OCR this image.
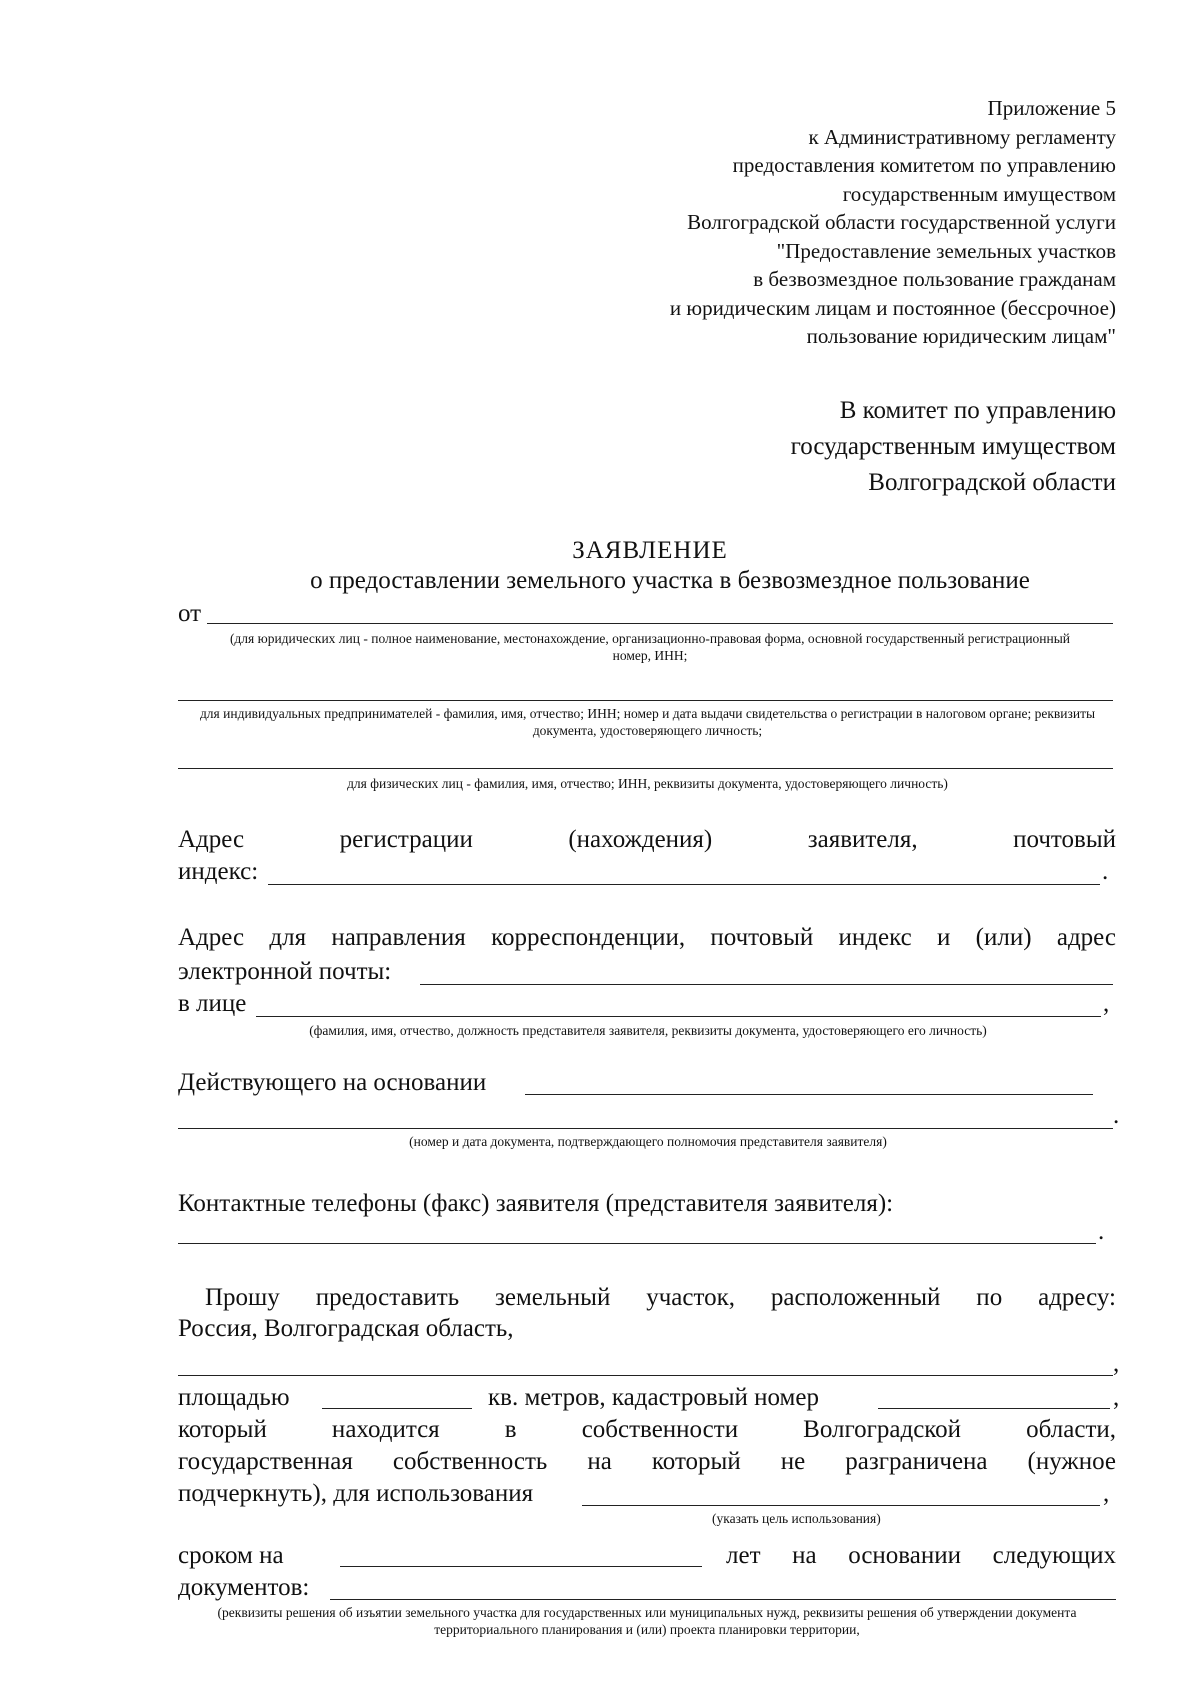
Приложение 5
к Административному регламенту
предоставления комитетом по управлению
государственным имуществом
Волгоградской области государственной услуги
"Предоставление земельных участков
в безвозмездное пользование гражданам
и юридическим лицам и постоянное (бессрочное)
пользование юридическим лицам"
В комитет по управлению
государственным имуществом
Волгоградской области
ЗАЯВЛЕНИЕ
о предоставлении земельного участка в безвозмездное пользование
от
(для юридических лиц - полное наименование, местонахождение, организационно-правовая форма, основной государственный регистрационный номер, ИНН;
для индивидуальных предпринимателей - фамилия, имя, отчество; ИНН; номер и дата выдачи свидетельства о регистрации в налоговом органе; реквизиты документа, удостоверяющего личность;
для физических лиц - фамилия, имя, отчество; ИНН, реквизиты документа, удостоверяющего личность)
Адрес регистрации (нахождения) заявителя, почтовый
индекс:	.
Адрес для направления корреспонденции, почтовый индекс и (или) адрес
электронной почты:
в лице	,
(фамилия, имя, отчество, должность представителя заявителя, реквизиты документа, удостоверяющего его личность)
Действующего на основании
.
(номер и дата документа, подтверждающего полномочия представителя заявителя)
Контактные телефоны (факс) заявителя (представителя заявителя):
.
Прошу предоставить земельный участок, расположенный по адресу:
Россия, Волгоградская область,
,
площадью	кв. метров, кадастровый номер	,
который находится в собственности Волгоградской области,
государственная собственность на который не разграничена (нужное
подчеркнуть), для использования	,
(указать цель использования)
сроком на	лет на основании следующих
документов:
(реквизиты решения об изъятии земельного участка для государственных или муниципальных нужд, реквизиты решения об утверждении документа территориального планирования и (или) проекта планировки территории,
